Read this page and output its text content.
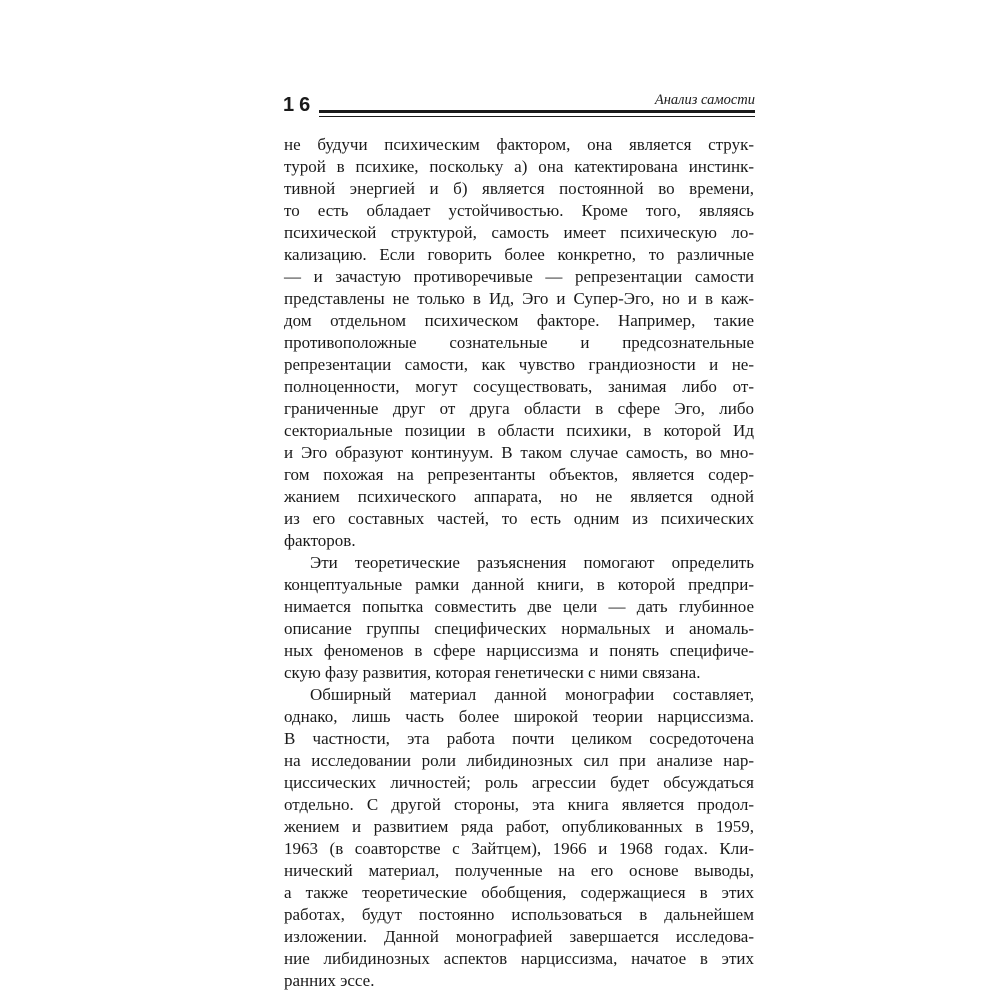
16	Анализ самости
не будучи психическим фактором, она является струк-
турой в психике, поскольку а) она катектирована инстинк-
тивной энергией и б) является постоянной во времени,
то есть обладает устойчивостью. Кроме того, являясь
психической структурой, самость имеет психическую ло-
кализацию. Если говорить более конкретно, то различные
— и зачастую противоречивые — репрезентации самости
представлены не только в Ид, Эго и Супер-Эго, но и в каж-
дом отдельном психическом факторе. Например, такие
противоположные сознательные и предсознательные
репрезентации самости, как чувство грандиозности и не-
полноценности, могут сосуществовать, занимая либо от-
граниченные друг от друга области в сфере Эго, либо
секториальные позиции в области психики, в которой Ид
и Эго образуют континуум. В таком случае самость, во мно-
гом похожая на репрезентанты объектов, является содер-
жанием психического аппарата, но не является одной
из его составных частей, то есть одним из психических
факторов.
Эти теоретические разъяснения помогают определить
концептуальные рамки данной книги, в которой предпри-
нимается попытка совместить две цели — дать глубинное
описание группы специфических нормальных и аномаль-
ных феноменов в сфере нарциссизма и понять специфиче-
скую фазу развития, которая генетически с ними связана.
Обширный материал данной монографии составляет,
однако, лишь часть более широкой теории нарциссизма.
В частности, эта работа почти целиком сосредоточена
на исследовании роли либидинозных сил при анализе нар-
циссических личностей; роль агрессии будет обсуждаться
отдельно. С другой стороны, эта книга является продол-
жением и развитием ряда работ, опубликованных в 1959,
1963 (в соавторстве с Зайтцем), 1966 и 1968 годах. Кли-
нический материал, полученные на его основе выводы,
а также теоретические обобщения, содержащиеся в этих
работах, будут постоянно использоваться в дальнейшем
изложении. Данной монографией завершается исследова-
ние либидинозных аспектов нарциссизма, начатое в этих
ранних эссе.
